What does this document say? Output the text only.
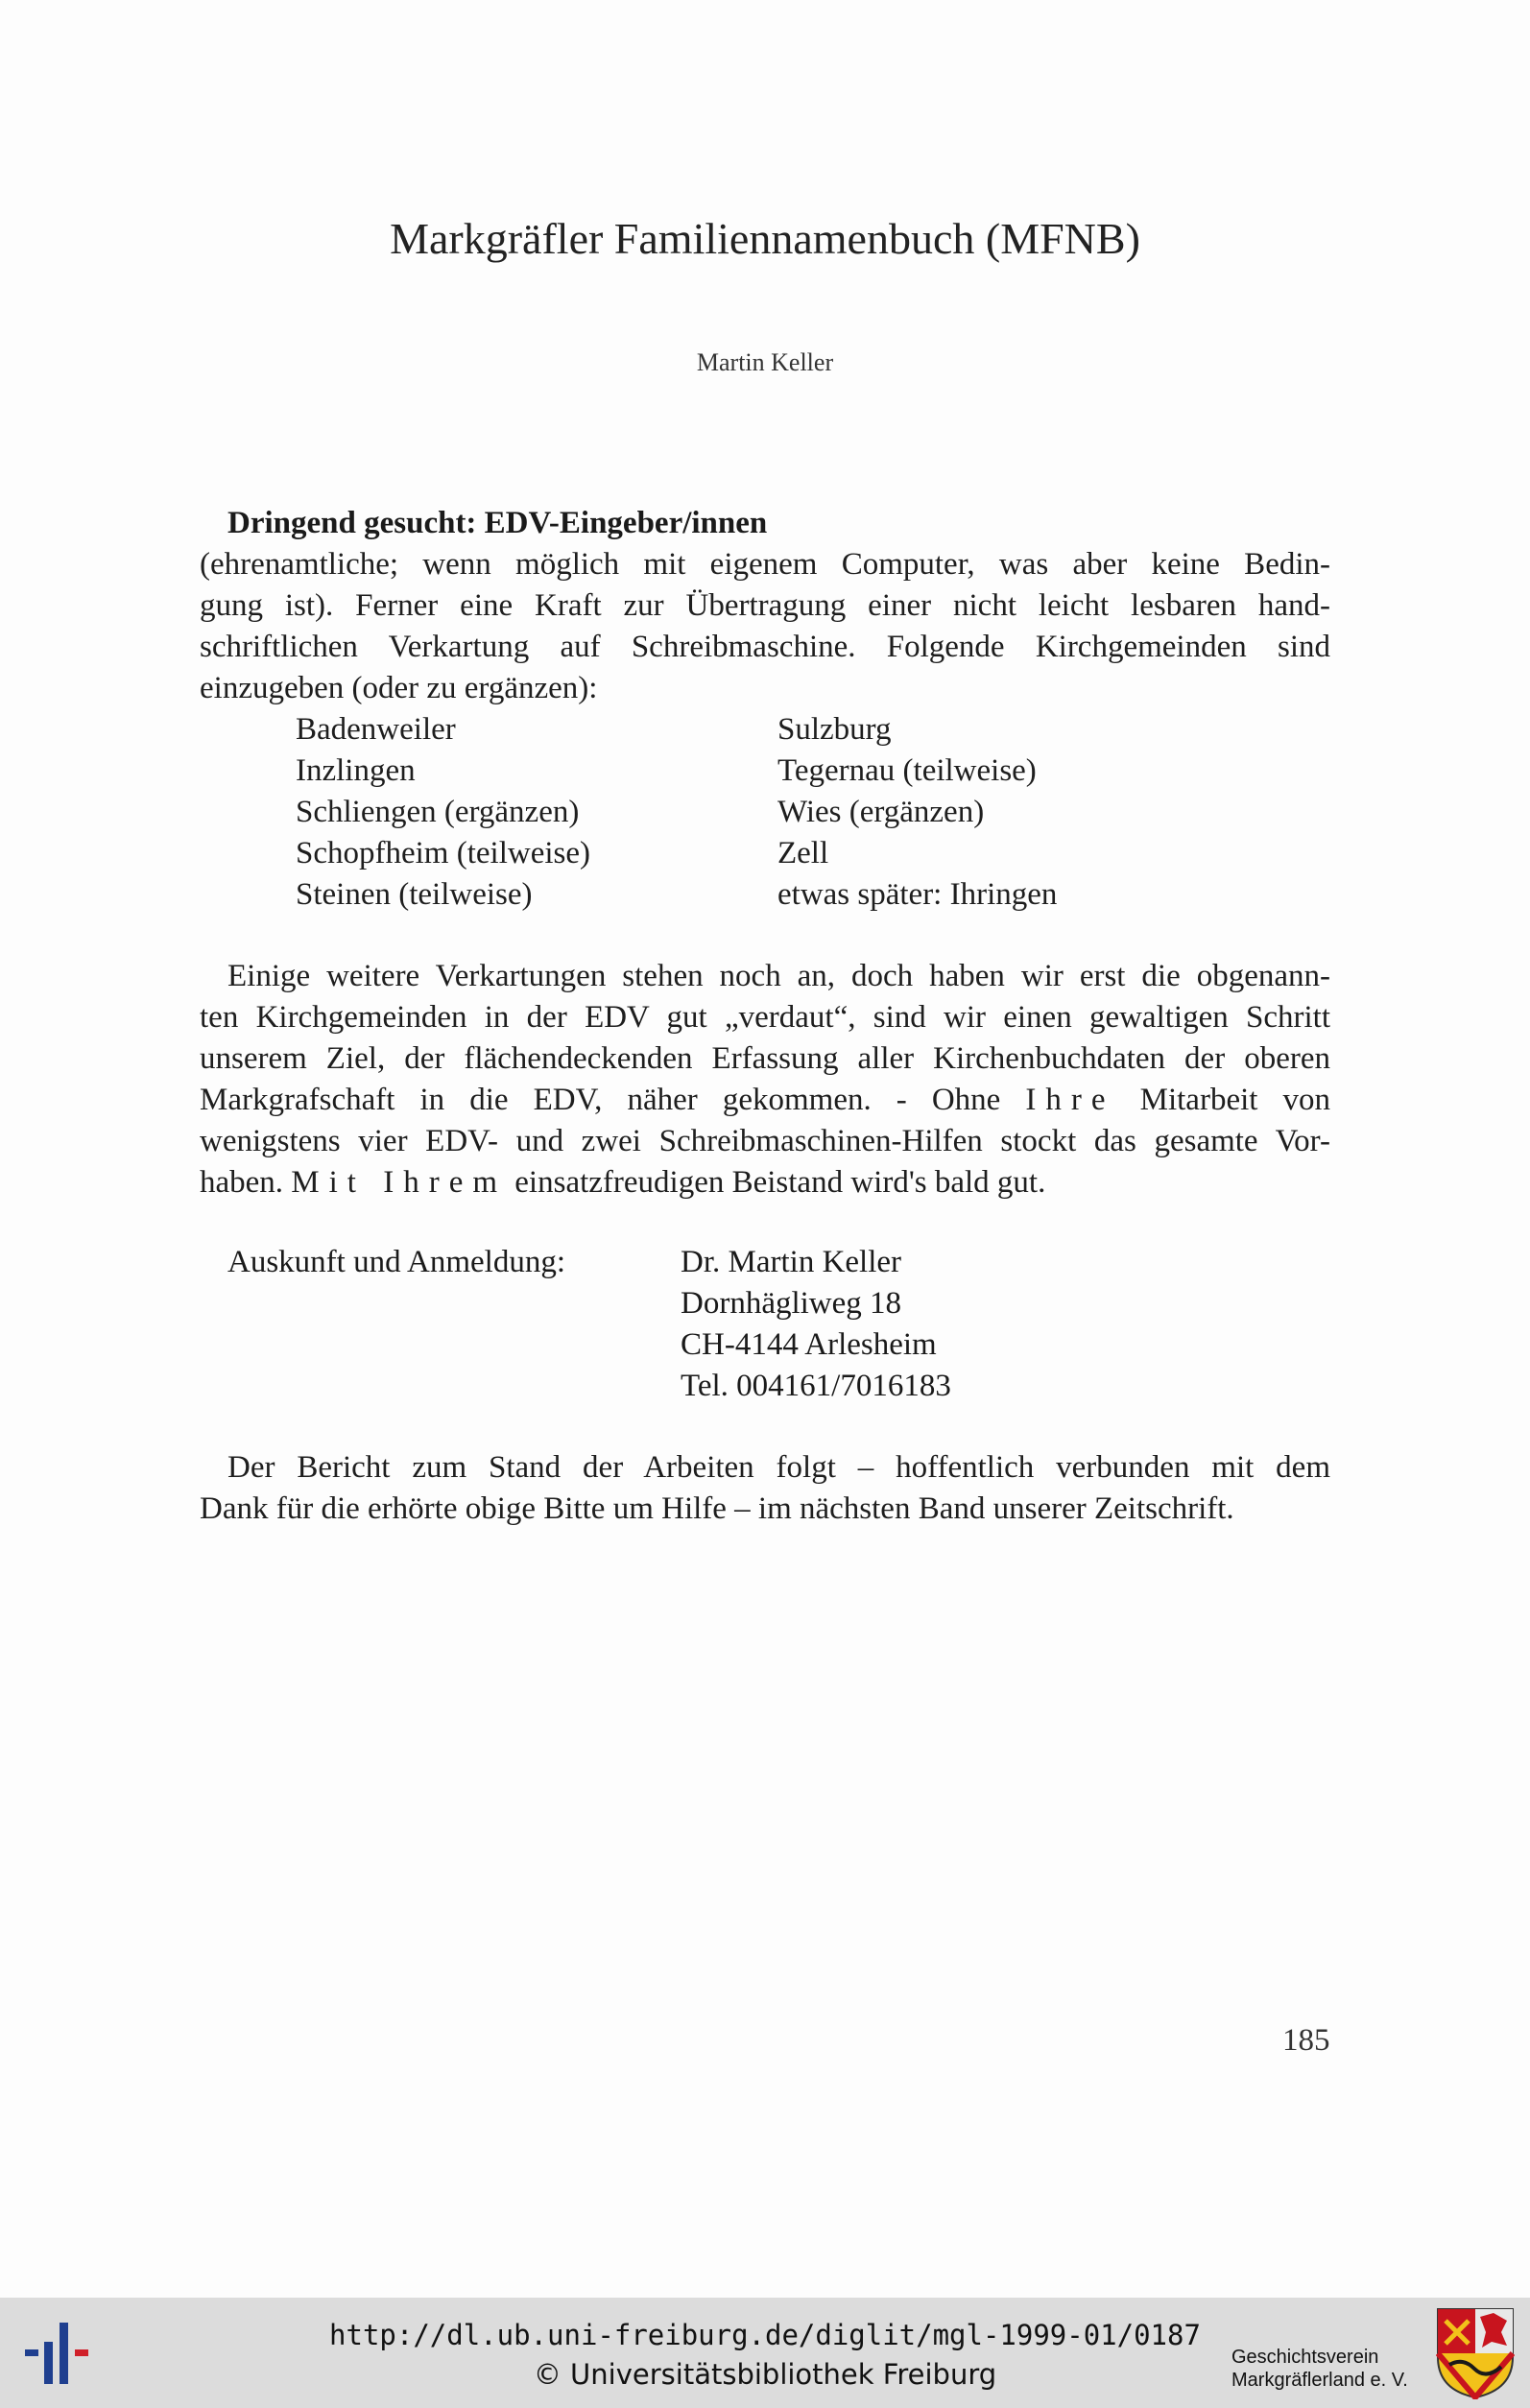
Markgräfler Familiennamenbuch (MFNB)
Martin Keller
Dringend gesucht: EDV-Eingeber/innen
(ehrenamtliche; wenn möglich mit eigenem Computer, was aber keine Bedin-
gung ist). Ferner eine Kraft zur Übertragung einer nicht leicht lesbaren hand-
schriftlichen Verkartung auf Schreibmaschine. Folgende Kirchgemeinden sind
einzugeben (oder zu ergänzen):
Badenweiler
Inzlingen
Schliengen (ergänzen)
Schopfheim (teilweise)
Steinen (teilweise)
Sulzburg
Tegernau (teilweise)
Wies (ergänzen)
Zell
etwas später: Ihringen
Einige weitere Verkartungen stehen noch an, doch haben wir erst die obgenann-
ten Kirchgemeinden in der EDV gut „verdaut“, sind wir einen gewaltigen Schritt
unserem Ziel, der flächendeckenden Erfassung aller Kirchenbuchdaten der oberen
Markgrafschaft in die EDV, näher gekommen. - Ohne Ihre Mitarbeit von
wenigstens vier EDV- und zwei Schreibmaschinen-Hilfen stockt das gesamte Vor-
haben. Mit Ihrem einsatzfreudigen Beistand wird's bald gut.
Auskunft und Anmeldung:	Dr. Martin Keller
Dornhägliweg 18
CH-4144 Arlesheim
Tel. 004161/7016183
Der Bericht zum Stand der Arbeiten folgt – hoffentlich verbunden mit dem
Dank für die erhörte obige Bitte um Hilfe – im nächsten Band unserer Zeitschrift.
185
http://dl.ub.uni-freiburg.de/diglit/mgl-1999-01/0187
© Universitätsbibliothek Freiburg
Geschichtsverein
Markgräflerland e. V.
